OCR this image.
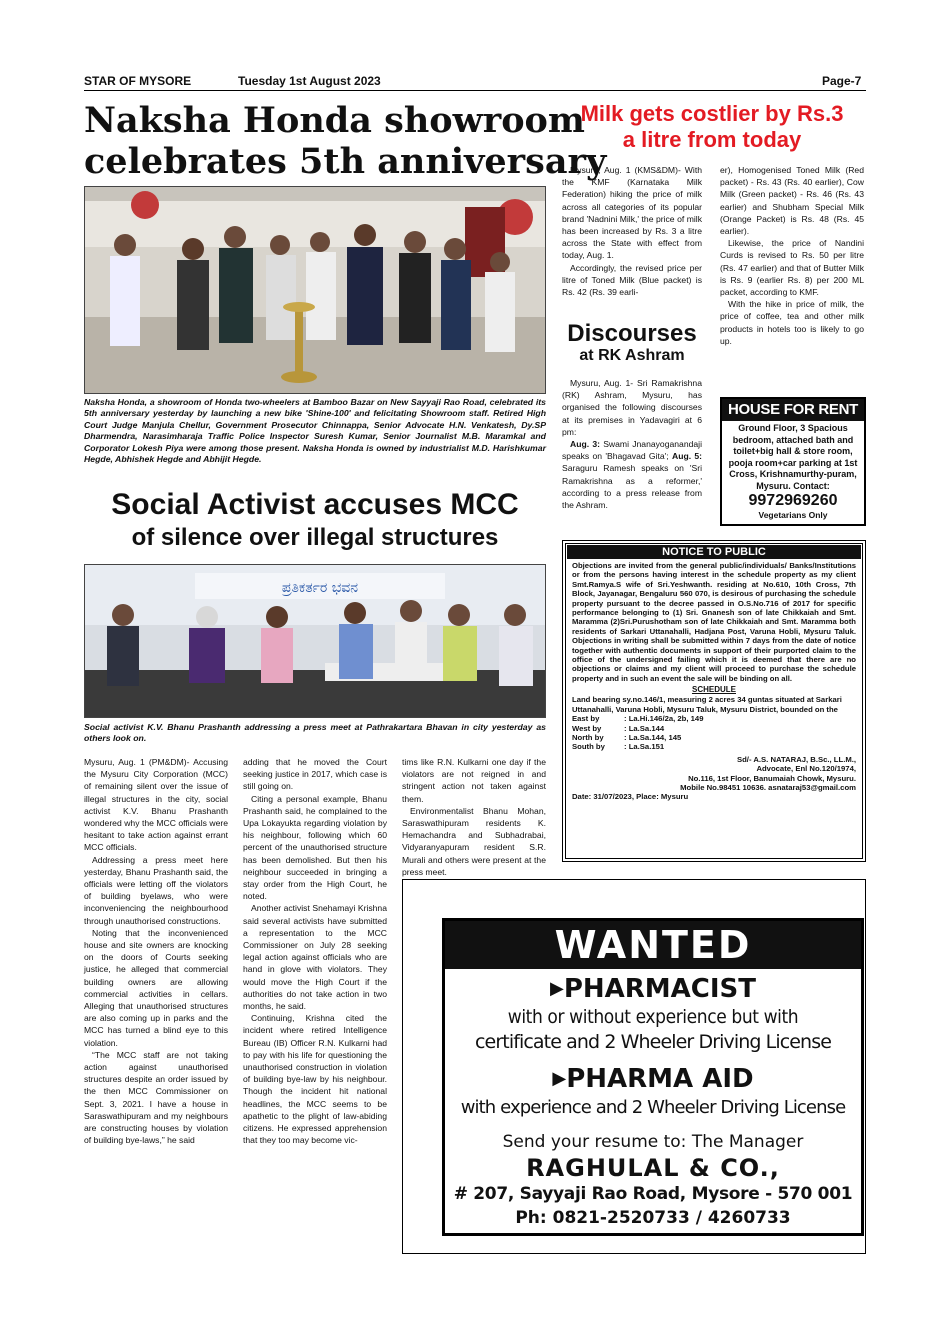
STAR OF MYSORE	Tuesday 1st August 2023	Page-7
Naksha Honda showroom
celebrates 5th anniversary
Naksha Honda, a showroom of Honda two-wheelers at Bamboo Bazar on New Sayyaji Rao Road, celebrated its 5th anniversary yesterday by launching a new bike 'Shine-100' and felicitating Showroom staff. Retired High Court Judge Manjula Chellur, Government Prosecutor Chinnappa, Senior Advocate H.N. Venkatesh, Dy.SP Dharmendra, Narasimharaja Traffic Police Inspector Suresh Kumar, Senior Journalist M.B. Maramkal and Corporator Lokesh Piya were among those present. Naksha Honda is owned by industrialist M.D. Harishkumar Hegde, Abhishek Hegde and Abhijit Hegde.
Milk gets costlier by Rs.3
a litre from today

Mysuru, Aug. 1 (KMS&DM)- With the KMF (Karnataka Milk Federation) hiking the price of milk across all categories of its popular brand 'Nadnini Milk,' the price of milk has been increased by Rs. 3 a litre across the State with effect from today, Aug. 1.

Accordingly, the revised price per litre of Toned Milk (Blue packet) is Rs. 42 (Rs. 39 earli-

er), Homogenised Toned Milk (Red packet) - Rs. 43 (Rs. 40 earlier), Cow Milk (Green packet) - Rs. 46 (Rs. 43 earlier) and Shubham Special Milk (Orange Packet) is Rs. 48 (Rs. 45 earlier).

Likewise, the price of Nandini Curds is revised to Rs. 50 per litre (Rs. 47 earlier) and that of Butter Milk is Rs. 9 (earlier Rs. 8) per 200 ML packet, according to KMF.

With the hike in price of milk, the price of coffee, tea and other milk products in hotels too is likely to go up.

Discourses
at RK Ashram

Mysuru, Aug. 1- Sri Ramakrishna (RK) Ashram, Mysuru, has organised the following discourses at its premises in Yadavagiri at 6 pm:

Aug. 3: Swami Jnanayoganandaji speaks on 'Bhagavad Gita'; Aug. 5: Saraguru Ramesh speaks on 'Sri Ramakrishna as a reformer,' according to a press release from the Ashram.

HOUSE FOR RENT
Ground Floor, 3 Spacious bedroom, attached bath and toilet+big hall & store room, pooja room+car parking at 1st Cross, Krishnamurthy-puram, Mysuru. Contact:
9972969260
Vegetarians Only
Social Activist accuses MCC
of silence over illegal structures
ಪ್ರತಿಕರ್ತರ ಭವನ
Social activist K.V. Bhanu Prashanth addressing a press meet at Pathrakartara Bhavan in city yesterday as others look on.

Mysuru, Aug. 1 (PM&DM)- Accusing the Mysuru City Corporation (MCC) of remaining silent over the issue of illegal structures in the city, social activist K.V. Bhanu Prashanth wondered why the MCC officials were hesitant to take action against errant MCC officials.

Addressing a press meet here yesterday, Bhanu Prashanth said, the officials were letting off the violators of building byelaws, who were inconveniencing the neighbourhood through unauthorised constructions.

Noting that the inconvenienced house and site owners are knocking on the doors of Courts seeking justice, he alleged that commercial building owners are allowing commercial activities in cellars. Alleging that unauthorised structures are also coming up in parks and the MCC has turned a blind eye to this violation.

“The MCC staff are not taking action against unauthorised structures despite an order issued by the then MCC Commissioner on Sept. 3, 2021. I have a house in Saraswathipuram and my neighbours are constructing houses by violation of building bye-laws,” he said

adding that he moved the Court seeking justice in 2017, which case is still going on.

Citing a personal example, Bhanu Prashanth said, he complained to the Upa Lokayukta regarding violation by his neighbour, following which 60 percent of the unauthorised structure has been demolished. But then his neighbour succeeded in bringing a stay order from the High Court, he noted.

Another activist Snehamayi Krishna said several activists have submitted a representation to the MCC Commissioner on July 28 seeking legal action against officials who are hand in glove with violators. They would move the High Court if the authorities do not take action in two months, he said.

Continuing, Krishna cited the incident where retired Intelligence Bureau (IB) Officer R.N. Kulkarni had to pay with his life for questioning the unauthorised construction in violation of building bye-law by his neighbour. Though the incident hit national headlines, the MCC seems to be apathetic to the plight of law-abiding citizens. He expressed apprehension that they too may become vic-

tims like R.N. Kulkarni one day if the violators are not reigned in and stringent action not taken against them.

Environmentalist Bhanu Mohan, Saraswathipuram residents K. Hemachandra and Subhadrabai, Vidyaranyapuram resident S.R. Murali and others were present at the press meet.

NOTICE TO PUBLIC
Objections are invited from the general public/individuals/ Banks/Institutions or from the persons having interest in the schedule property as my client Smt.Ramya.S wife of Sri.Yeshwanth. residing at No.610, 10th Cross, 7th Block, Jayanagar, Bengaluru 560 070, is desirous of purchasing the schedule property pursuant to the decree passed in O.S.No.716 of 2017 for specific performance belonging to (1) Sri. Gnanesh son of late Chikkaiah and Smt. Maramma (2)Sri.Purushotham son of late Chikkaiah and Smt. Maramma both residents of Sarkari Uttanahalli, Hadjana Post, Varuna Hobli, Mysuru Taluk. Objections in writing shall be submitted within 7 days from the date of notice together with authentic documents in support of their purported claim to the office of the undersigned failing which it is deemed that there are no objections or claims and my client will proceed to purchase the schedule property and in such an event the sale will be binding on all.
SCHEDULE
Land bearing sy.no.146/1, measuring 2 acres 34 guntas situated at Sarkari Uttanahalli, Varuna Hobli, Mysuru Taluk, Mysuru District, bounded on the
East by	: La.Hi.146/2a, 2b, 149
West by	: La.Sa.144
North by	: La.Sa.144, 145
South by : La.Sa.151
Sd/- A.S. NATARAJ, B.Sc., LL.M.,
Advocate, Enl No.120/1974,
No.116, 1st Floor, Banumaiah Chowk, Mysuru.
Mobile No.98451 10636. asnataraj53@gmail.com
Date: 31/07/2023, Place: Mysuru
WANTED
▶PHARMACIST
with or without experience but with
certificate and 2 Wheeler Driving License
▶PHARMA AID
with experience and 2 Wheeler Driving License
Send your resume to: The Manager
RAGHULAL & CO.,
# 207, Sayyaji Rao Road, Mysore - 570 001
Ph: 0821-2520733 / 4260733
